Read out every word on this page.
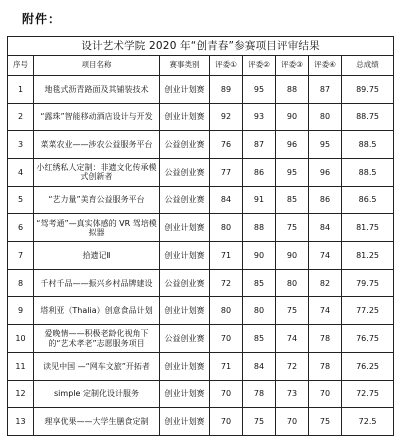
附件：
设计艺术学院 2020 年“创青春”参赛项目评审结果							
序号	项目名称	赛事类别	评委①	评委②	评委③	评委④	总成绩
1	地毯式沥青路面及其铺装技术	创业计划赛	89	95	88	87	89.75
2	“露珠”智能移动酒店设计与开发	创业计划赛	92	93	90	80	88.75
3	菜菜农业——涉农公益服务平台	公益创业赛	76	87	96	95	88.5
4	小红绣私人定制：非遗文化传承模式创新者	公益创业赛	77	86	95	96	88.5
5	“艺力量”美育公益服务平台	公益创业赛	84	91	85	86	86.5
6	“驾考通”—真实体感的 VR 驾培模拟器	创业计划赛	80	88	75	84	81.75
7	拾遗记Ⅱ	创业计划赛	71	90	90	74	81.25
8	千村千品——振兴乡村品牌建设	公益创业赛	72	85	80	82	79.75
9	塔利亚（Thalia）创意食品计划	创业计划赛	80	80	75	74	77.25
10	爱晚情——积极老龄化视角下的“艺术孝老”志愿服务项目	公益创业赛	70	85	74	78	76.75
11	读见中国 —“网车文旅”开拓者	创业计划赛	71	84	72	78	76.25
12	simple 定制化设计服务	创业计划赛	70	78	73	70	72.75
13	理享优果——大学生膳食定制	创业计划赛	70	75	70	75	72.5
